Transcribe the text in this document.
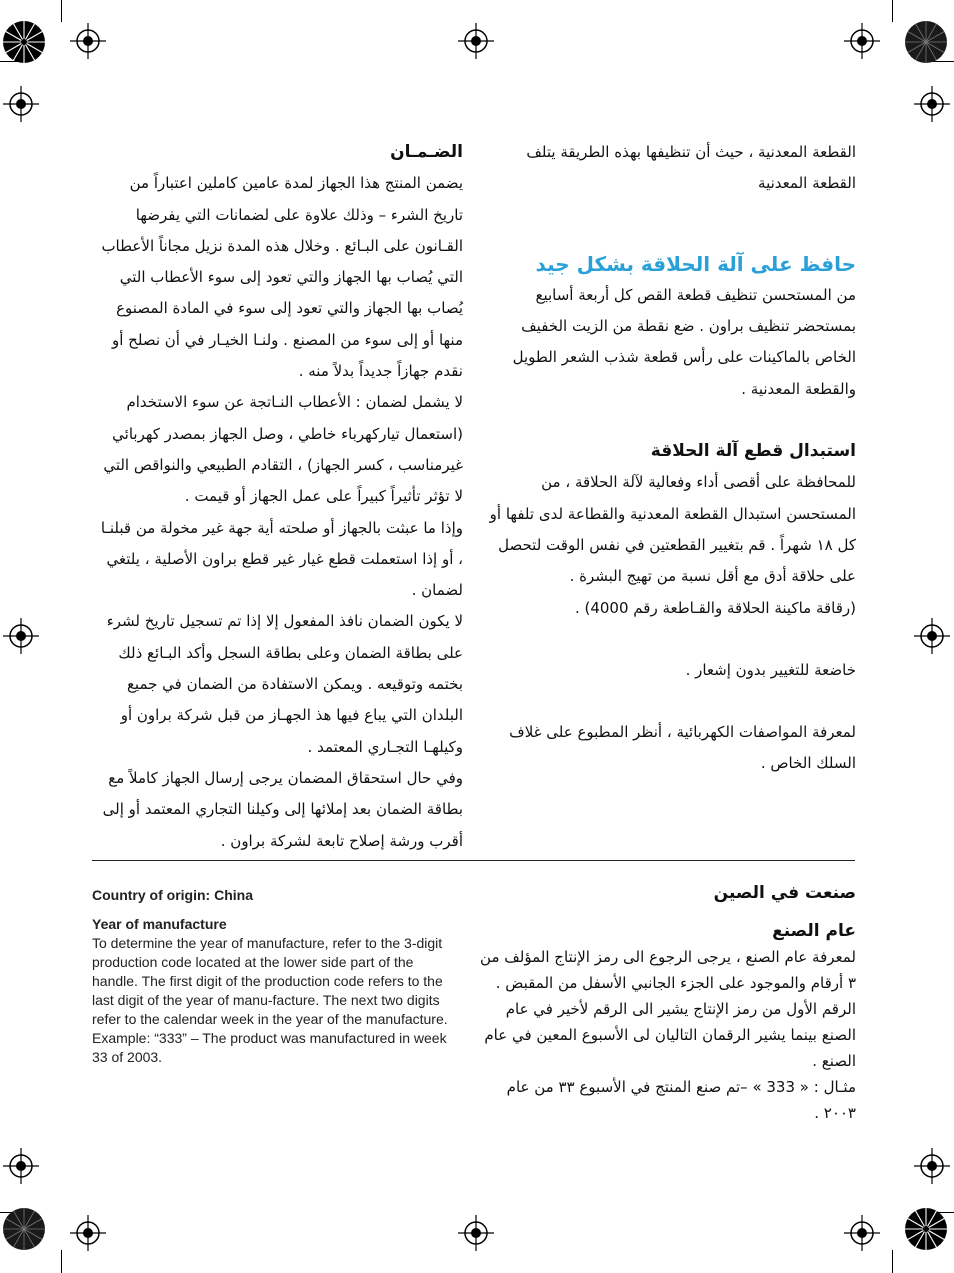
القطعة المعدنية ، حيث أن تنظيفها بهذه الطريقة يتلف القطعة المعدنية
حافظ على آلة الحلاقة بشكل جيد
من المستحسن تنظيف قطعة القص كل أربعة أسابيع بمستحضر تنظيف براون . ضع نقطة من الزيت الخفيف الخاص بالماكينات على رأس قطعة شذب الشعر الطويل والقطعة المعدنية .
استبدال قطع آلة الحلاقة
للمحافظة على أقصى أداء وفعالية لآلة الحلاقة ، من المستحسن استبدال القطعة المعدنية والقطاعة لدى تلفها أو كل ١٨ شهراً . قم بتغيير القطعتين في نفس الوقت لتحصل على حلاقة أدق مع أقل نسبة من تهيج البشرة .
(رقاقة ماكينة الحلاقة والقـاطعة رقم 4000) .
خاضعة للتغيير بدون إشعار .
لمعرفة المواصفات الكهربائية ، أنظر المطبوع على غلاف السلك الخاص .
الضـمـان
يضمن المنتج هذا الجهاز لمدة عامين كاملين اعتباراً من تاريخ الشرء – وذلك علاوة على لضمانات التي يفرضها القـانون على البـائع . وخلال هذه المدة نزيل مجاناً الأعطاب التي يُصاب بها الجهاز والتي تعود إلى سوء الأعطاب التي يُصاب بها الجهاز والتي تعود إلى سوء في المادة المصنوع منها أو إلى سوء من المصنع . ولنـا الخيـار في أن نصلح أو نقدم جهازاً جديداً بدلاً منه .
لا يشمل لضمان : الأعطاب النـاتجة عن سوء الاستخدام (استعمال تياركهرباء خاطي ، وصل الجهاز بمصدر كهربائي غيرمناسب ، كسر الجهاز) ، التقادم الطبيعي والنواقص التي لا تؤثر تأثيراً كبيراً على عمل الجهاز أو قيمت .
وإذا ما عبثت بالجهاز أو صلحته أية جهة غير مخولة من قبلنـا ، أو إذا استعملت قطع غيار غير قطع براون الأصلية ، يلتغي لضمان .
لا يكون الضمان نافذ المفعول إلا إذا تم تسجيل تاريخ لشرء على بطاقة الضمان وعلى بطاقة السجل وأكد البـائع ذلك بختمه وتوقيعه . ويمكن الاستفادة من الضمان في جميع البلدان التي يباع فيها هذ الجهـاز من قبل شركة براون أو وكيلهـا التجـاري المعتمد .
وفي حال استحقاق المضمان يرجى إرسال الجهاز كاملاً مع بطاقة الضمان بعد إملائها إلى وكيلنا التجاري المعتمد أو إلى أقرب ورشة إصلاح تابعة لشركة براون .
Country of origin: China
Year of manufacture
To determine the year of manufacture, refer to the 3-digit production code located at the lower side part of the handle. The first digit of the production code refers to the last digit of the year of manu-facture. The next two digits refer to the calendar week in the year of the manufacture.
Example: “333” – The product was manufactured in week 33 of 2003.
صنعت في الصين
عام الصنع
لمعرفة عام الصنع ، يرجى الرجوع الى رمز الإنتاج المؤلف من ٣ أرقام والموجود على الجزء الجانبي الأسفل من المقبض . الرقم الأول من رمز الإنتاج يشير الى الرقم لأخير في عام الصنع بينما يشير الرقمان التاليان لى الأسبوع المعين في عام الصنع .
مثـال : « 333 » –تم صنع المنتج في الأسبوع ٣٣ من عام ٢٠٠٣ .
